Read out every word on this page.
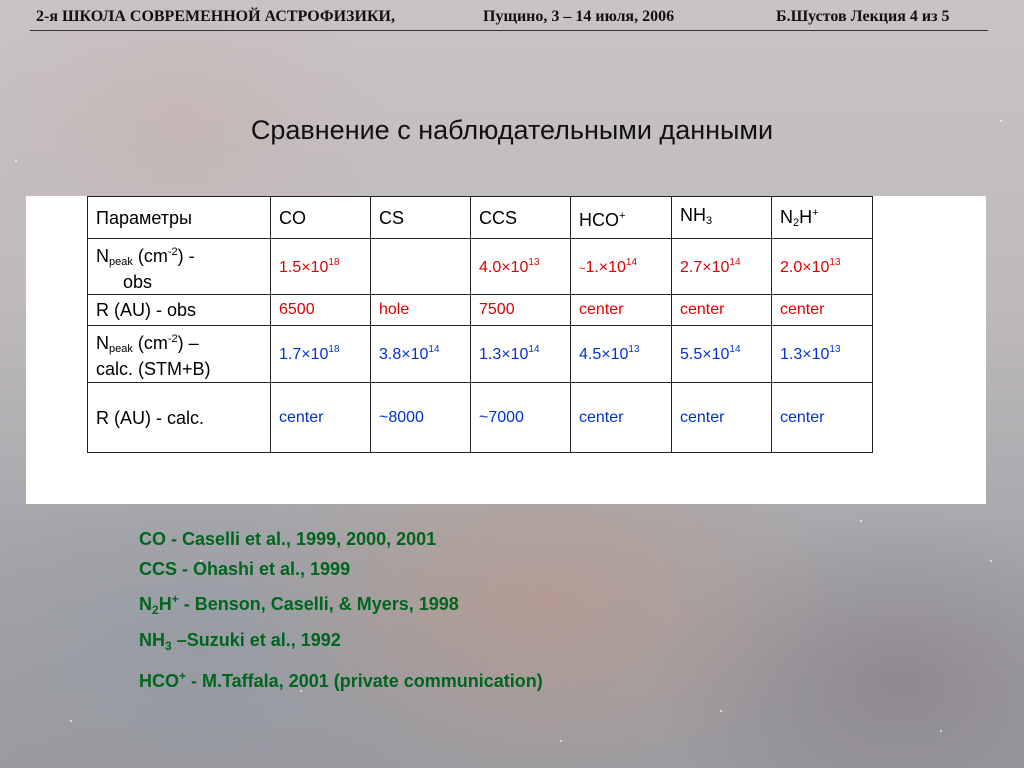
2-я ШКОЛА СОВРЕМЕННОЙ АСТРОФИЗИКИ,	Пущино, 3 – 14 июля, 2006	Б.Шустов Лекция 4 из 5
Сравнение с наблюдательными данными
Параметры	CO	CS	CCS	HCO+	$NH_3$	$N_2H^+$
$N_{peak}$ $(cm^{-2})$ -
obs	$1.5\times 10^{18}$		$4.0\times 10^{13}$	$\sim 1.\times 10^{14}$	$2.7\times 10^{14}$	$2.0\times 10^{13}$
R (AU) - obs	6500	hole	7500	center	center	center
$N_{peak}$ $(cm^{-2})$ –
calc. (STM+B)	$1.7\times 10^{18}$	$3.8\times 10^{14}$	$1.3\times 10^{14}$	$4.5\times 10^{13}$	$5.5\times 10^{14}$	$1.3\times 10^{13}$
R (AU) - calc.	center	~8000	~7000	center	center	center
CO - Caselli et al., 1999, 2000, 2001
CCS - Ohashi et al., 1999
$N_2H^+$ - Benson, Caselli, & Myers, 1998
$NH_3$ –Suzuki et al., 1992
HCO+ - M.Taffala, 2001 (private communication)
